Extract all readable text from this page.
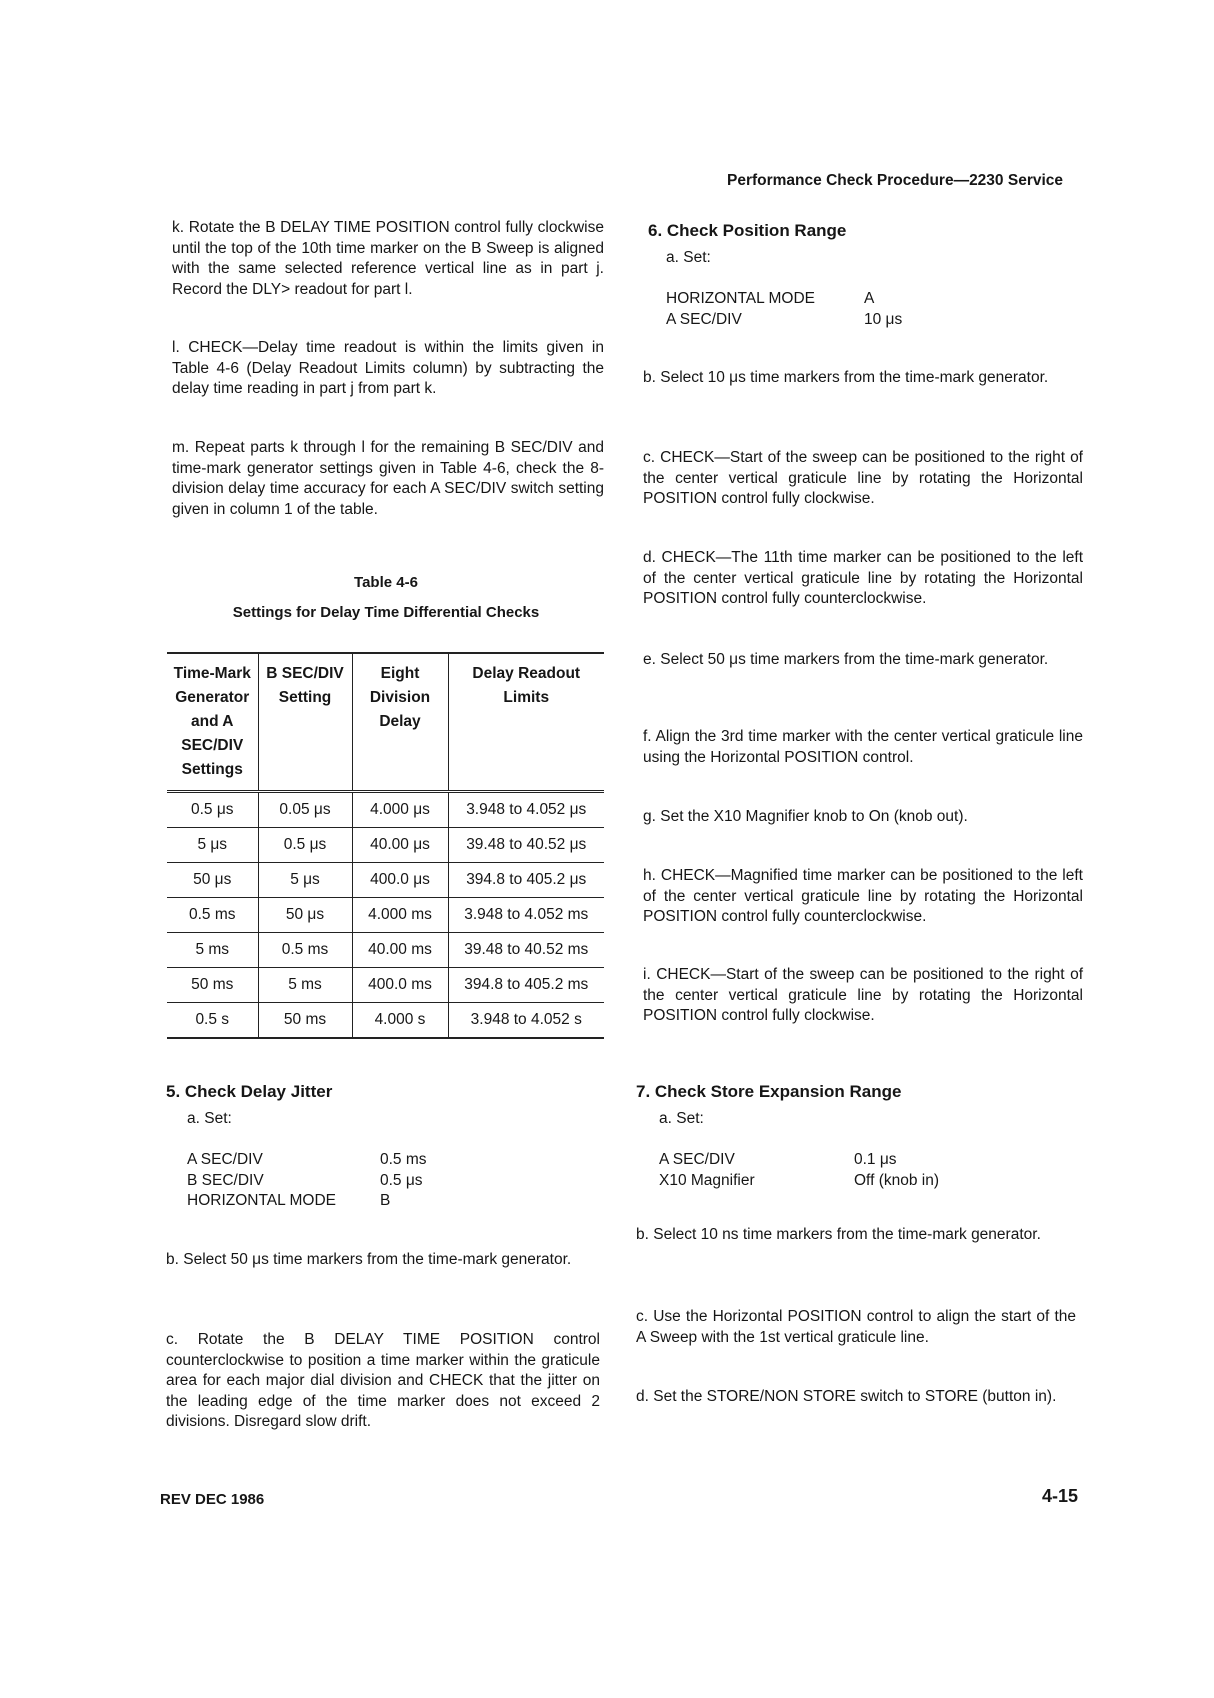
Performance Check Procedure—2230 Service
k. Rotate the B DELAY TIME POSITION control fully clockwise until the top of the 10th time marker on the B Sweep is aligned with the same selected reference vertical line as in part j. Record the DLY> readout for part l.
l. CHECK—Delay time readout is within the limits given in Table 4-6 (Delay Readout Limits column) by subtracting the delay time reading in part j from part k.
m. Repeat parts k through l for the remaining B SEC/DIV and time-mark generator settings given in Table 4-6, check the 8-division delay time accuracy for each A SEC/DIV switch setting given in column 1 of the table.
Table 4-6
Settings for Delay Time Differential Checks
Time-Mark Generator and A SEC/DIV Settings	B SEC/DIV Setting	Eight Division Delay	Delay Readout Limits
0.5 μs	0.05 μs	4.000 μs	3.948 to 4.052 μs
5 μs	0.5 μs	40.00 μs	39.48 to 40.52 μs
50 μs	5 μs	400.0 μs	394.8 to 405.2 μs
0.5 ms	50 μs	4.000 ms	3.948 to 4.052 ms
5 ms	0.5 ms	40.00 ms	39.48 to 40.52 ms
50 ms	5 ms	400.0 ms	394.8 to 405.2 ms
0.5 s	50 ms	4.000 s	3.948 to 4.052 s
5. Check Delay Jitter
a. Set:
A SEC/DIV	0.5 ms
B SEC/DIV	0.5 μs
HORIZONTAL MODE	B
b. Select 50 μs time markers from the time-mark generator.
c. Rotate the B DELAY TIME POSITION control counterclockwise to position a time marker within the graticule area for each major dial division and CHECK that the jitter on the leading edge of the time marker does not exceed 2 divisions. Disregard slow drift.
6. Check Position Range
a. Set:
HORIZONTAL MODE	A
A SEC/DIV	10 μs
b. Select 10 μs time markers from the time-mark generator.
c. CHECK—Start of the sweep can be positioned to the right of the center vertical graticule line by rotating the Horizontal POSITION control fully clockwise.
d. CHECK—The 11th time marker can be positioned to the left of the center vertical graticule line by rotating the Horizontal POSITION control fully counterclockwise.
e. Select 50 μs time markers from the time-mark generator.
f. Align the 3rd time marker with the center vertical graticule line using the Horizontal POSITION control.
g. Set the X10 Magnifier knob to On (knob out).
h. CHECK—Magnified time marker can be positioned to the left of the center vertical graticule line by rotating the Horizontal POSITION control fully counterclockwise.
i. CHECK—Start of the sweep can be positioned to the right of the center vertical graticule line by rotating the Horizontal POSITION control fully clockwise.
7. Check Store Expansion Range
a. Set:
A SEC/DIV	0.1 μs
X10 Magnifier	Off (knob in)
b. Select 10 ns time markers from the time-mark generator.
c. Use the Horizontal POSITION control to align the start of the A Sweep with the 1st vertical graticule line.
d. Set the STORE/NON STORE switch to STORE (button in).
REV DEC 1986	4-15
